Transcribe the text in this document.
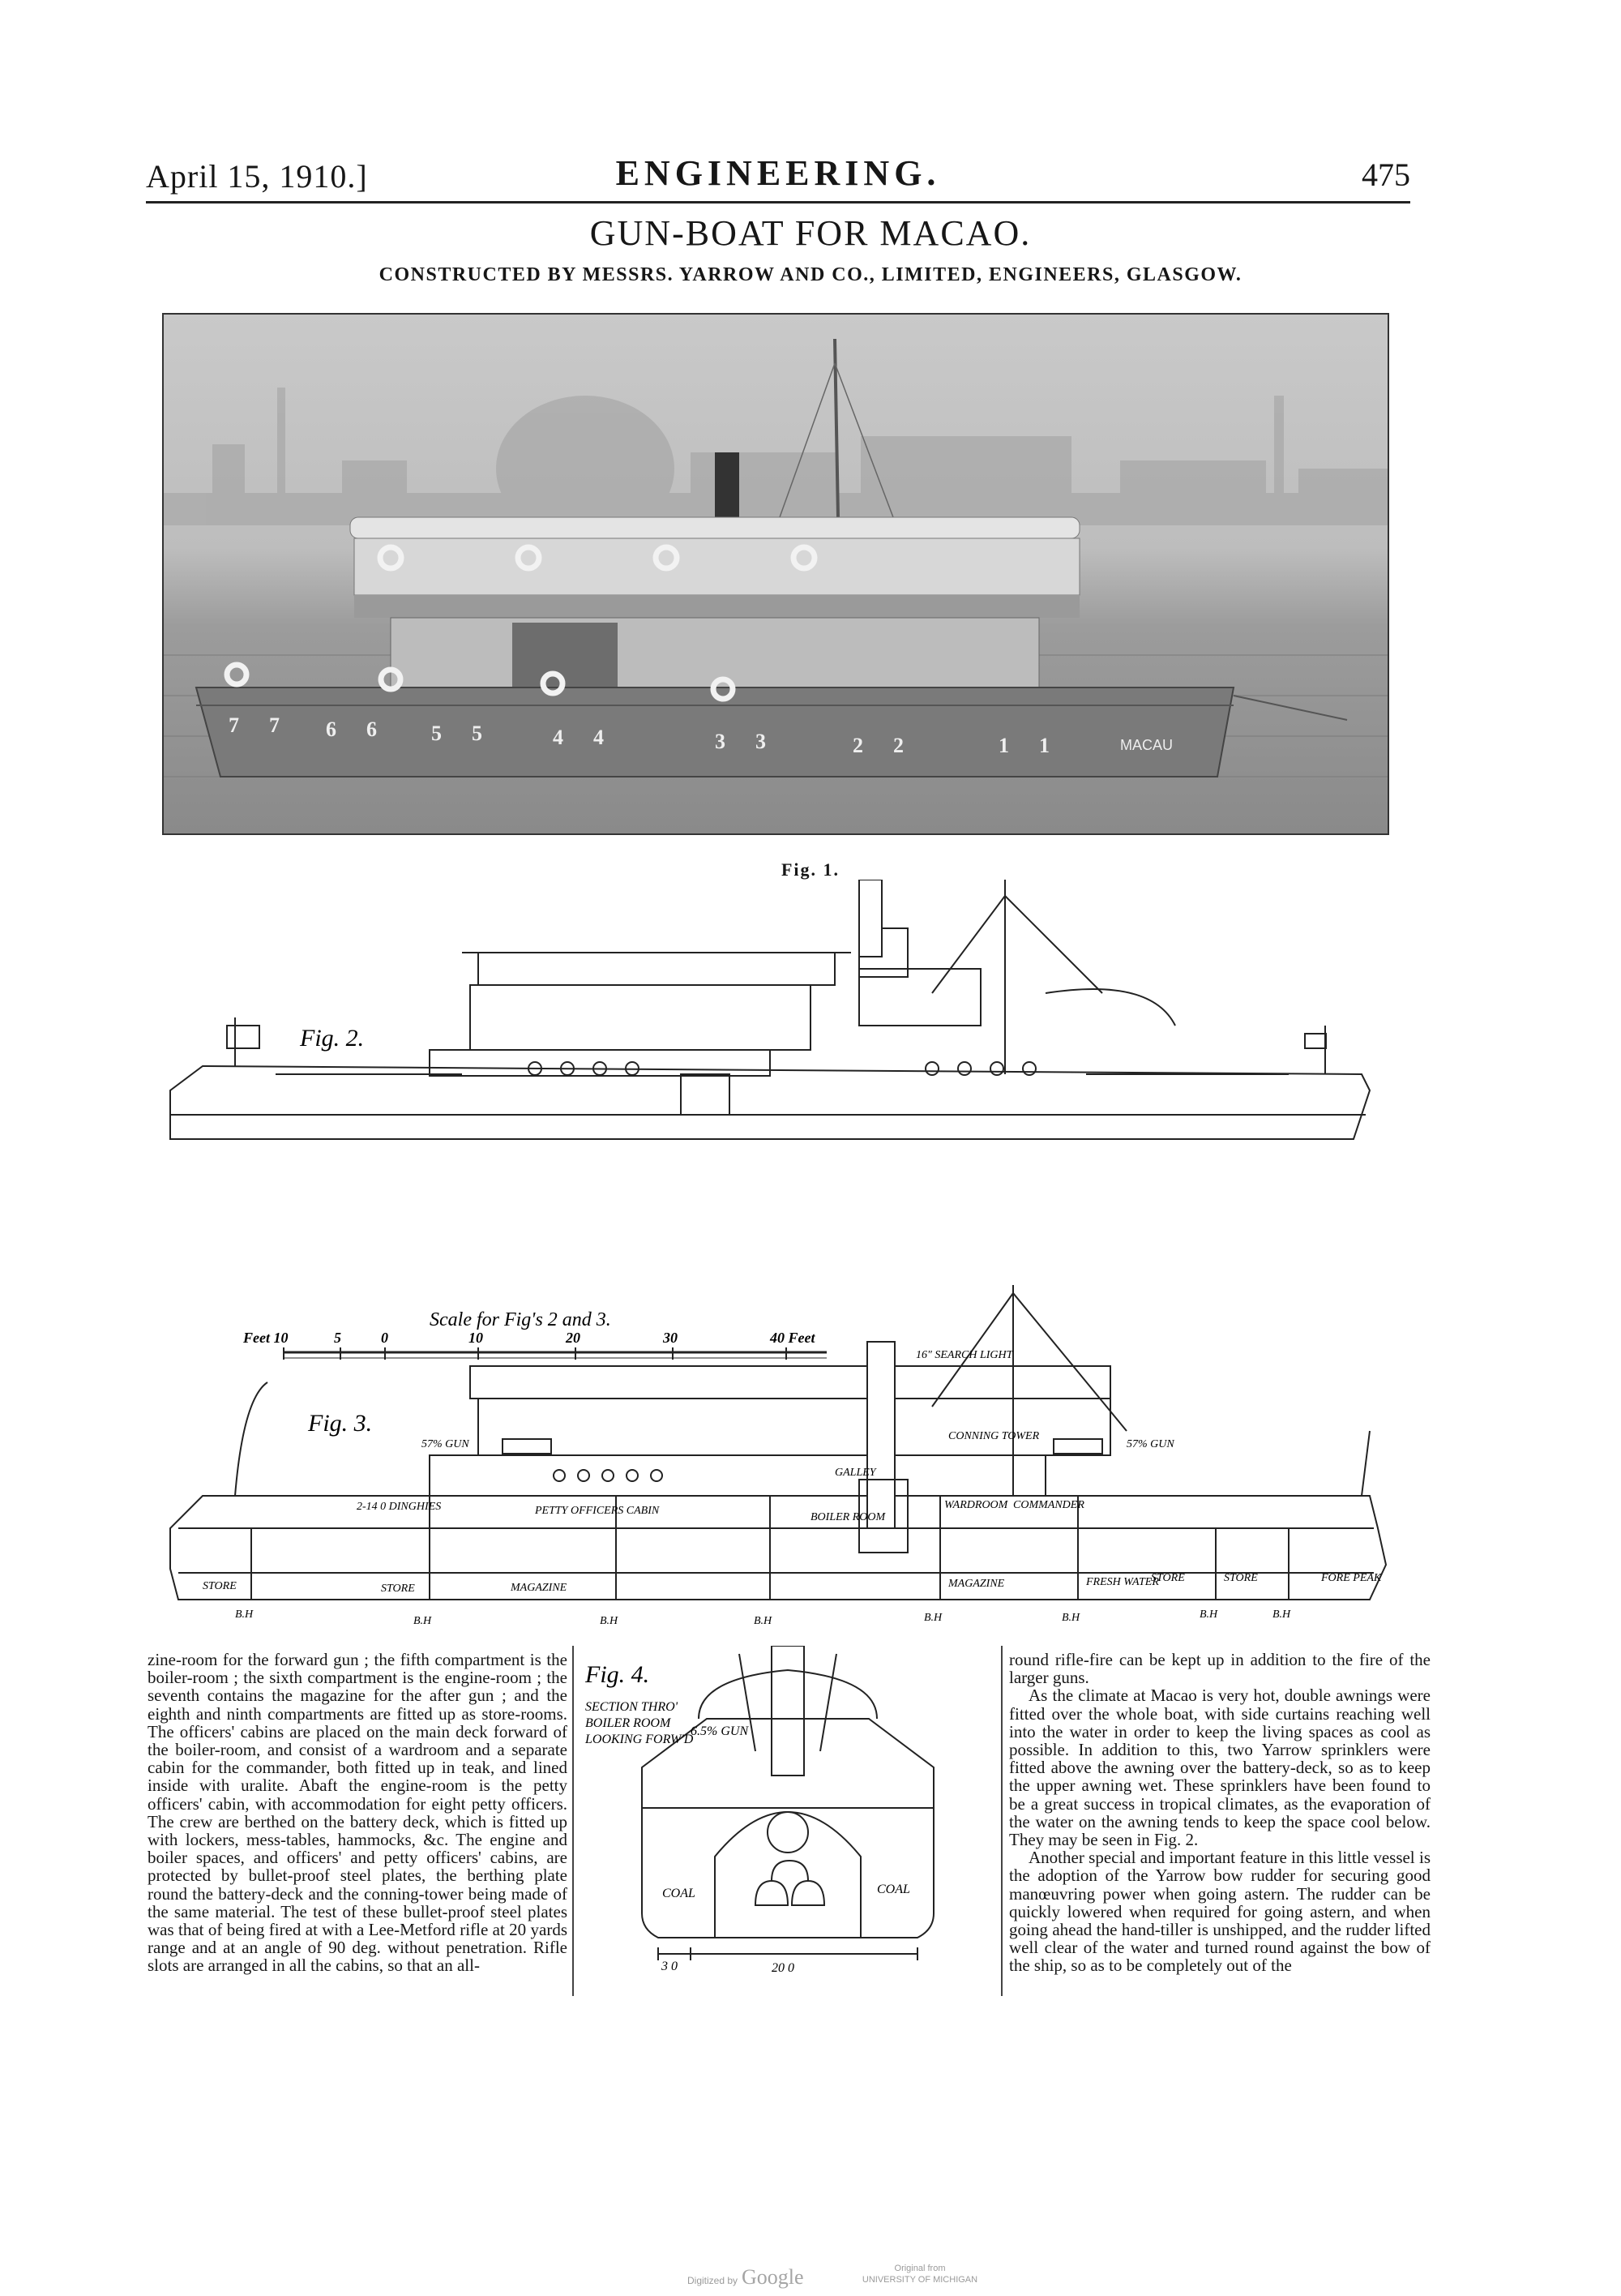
April 15, 1910.]	ENGINEERING.	475
GUN-BOAT FOR MACAO.
CONSTRUCTED BY MESSRS. YARROW AND CO., LIMITED, ENGINEERS, GLASGOW.
7 7 6 6	5 5	4 4	3 3	2 2	1 1	MACAU
Fig. 1.
Fig. 2.
Scale for Fig's 2 and 3.
Feet 10	5	0	10	20	30	40 Feet
Fig. 3.
16" SEARCH LIGHT
57% GUN	57% GUN
CONNING TOWER
GALLEY
2-14 0 DINGHIES	PETTY OFFICERS CABIN
BOILER ROOM
WARDROOM COMMANDER
MAGAZINE	MAGAZINE	FRESH WATER
STORE	STORE
STORE	STORE	FORE PEAK
B.H
B.H	B.H	B.H	B.H	B.H	B.H	B.H

zine-room for the forward gun ; the fifth compartment is the boiler-room ; the sixth compartment is the engine-room ; the seventh contains the magazine for the after gun ; and the eighth and ninth compartments are fitted up as store-rooms. The officers' cabins are placed on the main deck forward of the boiler-room, and consist of a wardroom and a separate cabin for the commander, both fitted up in teak, and lined inside with uralite. Abaft the engine-room is the petty officers' cabin, with accommodation for eight petty officers. The crew are berthed on the battery deck, which is fitted up with lockers, mess-tables, hammocks, &c. The engine and boiler spaces, and officers' and petty officers' cabins, are protected by bullet-proof steel plates, the berthing plate round the battery-deck and the conning-tower being made of the same material. The test of these bullet-proof steel plates was that of being fired at with a Lee-Metford rifle at 20 yards range and at an angle of 90 deg. without penetration. Rifle slots are arranged in all the cabins, so that an all-

Fig. 4.
SECTION THRO'
BOILER ROOM
LOOKING FORW'D
6.5% GUN
COAL	COAL
3 0	20 0

round rifle-fire can be kept up in addition to the fire of the larger guns.

As the climate at Macao is very hot, double awnings were fitted over the whole boat, with side curtains reaching well into the water in order to keep the living spaces as cool as possible. In addition to this, two Yarrow sprinklers were fitted above the awning over the battery-deck, so as to keep the upper awning wet. These sprinklers have been found to be a great success in tropical climates, as the evaporation of the water on the awning tends to keep the space cool below. They may be seen in Fig. 2.

Another special and important feature in this little vessel is the adoption of the Yarrow bow rudder for securing good manœuvring power when going astern. The rudder can be quickly lowered when required for going astern, and when going ahead the hand-tiller is unshipped, and the rudder lifted well clear of the water and turned round against the bow of the ship, so as to be completely out of the

Digitized by Google	Original from
UNIVERSITY OF MICHIGAN
